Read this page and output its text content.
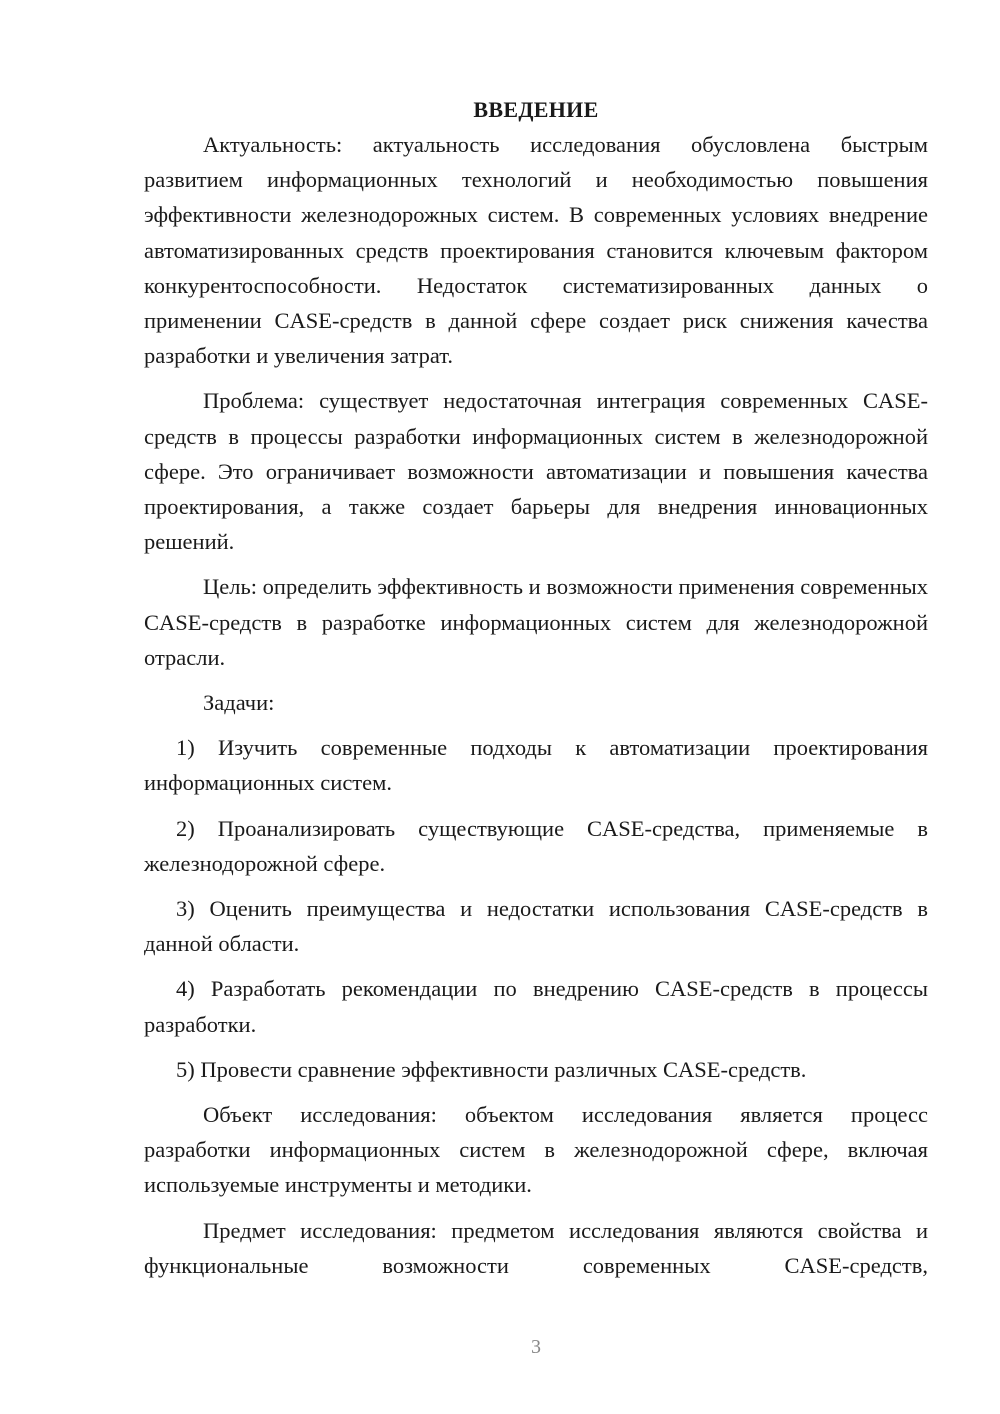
ВВЕДЕНИЕ

Актуальность: актуальность исследования обусловлена быстрым развитием информационных технологий и необходимостью повышения эффективности железнодорожных систем. В современных условиях внедрение автоматизированных средств проектирования становится ключевым фактором конкурентоспособности. Недостаток систематизированных данных о применении CASE-средств в данной сфере создает риск снижения качества разработки и увеличения затрат.

Проблема: существует недостаточная интеграция современных CASE-средств в процессы разработки информационных систем в железнодорожной сфере. Это ограничивает возможности автоматизации и повышения качества проектирования, а также создает барьеры для внедрения инновационных решений.

Цель: определить эффективность и возможности применения современных CASE-средств в разработке информационных систем для железнодорожной отрасли.

Задачи:

1) Изучить современные подходы к автоматизации проектирования информационных систем.

2) Проанализировать существующие CASE-средства, применяемые в железнодорожной сфере.

3) Оценить преимущества и недостатки использования CASE-средств в данной области.

4) Разработать рекомендации по внедрению CASE-средств в процессы разработки.

5) Провести сравнение эффективности различных CASE-средств.

Объект исследования: объектом исследования является процесс разработки информационных систем в железнодорожной сфере, включая используемые инструменты и методики.

Предмет исследования: предметом исследования являются свойства и функциональные возможности современных CASE-средств,

3
